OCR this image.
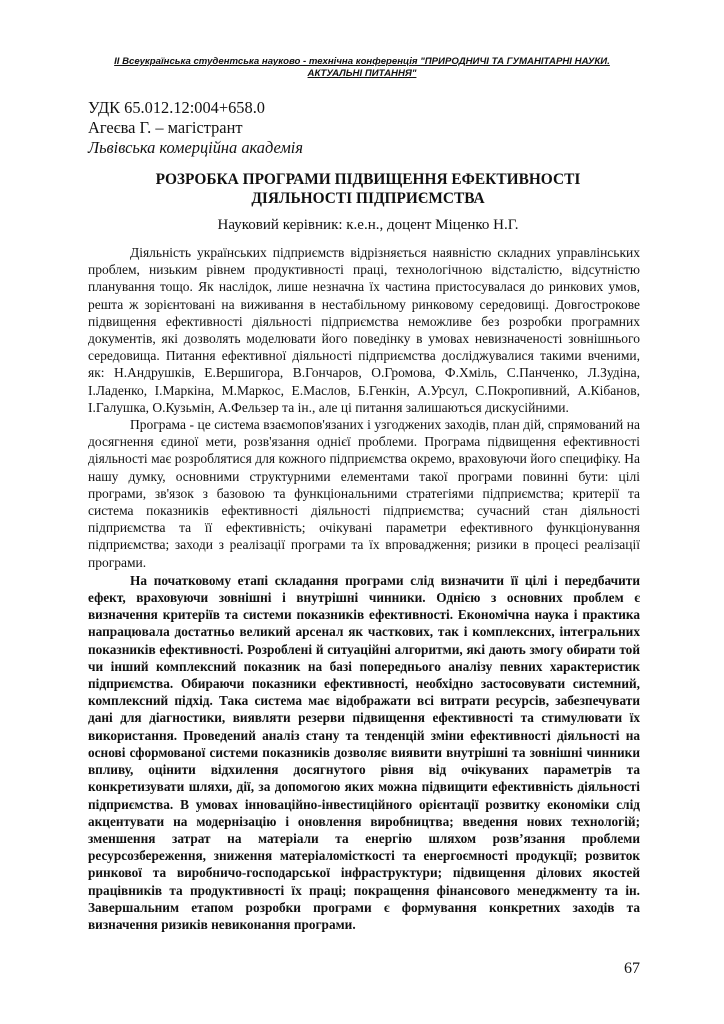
ІІ Всеукраїнська студентська науково - технічна конференція "ПРИРОДНИЧІ ТА ГУМАНІТАРНІ НАУКИ.
АКТУАЛЬНІ ПИТАННЯ"
УДК 65.012.12:004+658.0
Агеєва Г. – магістрант
Львівська комерційна академія
РОЗРОБКА ПРОГРАМИ ПІДВИЩЕННЯ ЕФЕКТИВНОСТІ
ДІЯЛЬНОСТІ ПІДПРИЄМСТВА
Науковий керівник: к.е.н., доцент Міценко Н.Г.

Діяльність українських підприємств відрізняється наявністю складних управлінських проблем, низьким рівнем продуктивності праці, технологічною відсталістю, відсутністю планування тощо. Як наслідок, лише незначна їх частина пристосувалася до ринкових умов, решта ж зорієнтовані на виживання в нестабільному ринковому середовищі. Довгострокове підвищення ефективності діяльності підприємства неможливе без розробки програмних документів, які дозволять моделювати його поведінку в умовах невизначеності зовнішнього середовища. Питання ефективної діяльності підприємства досліджувалися такими вченими, як: Н.Андрушків, Е.Вершигора, В.Гончаров, О.Громова, Ф.Хміль, С.Панченко, Л.Зудіна, І.Ладенко, І.Маркіна, М.Маркос, Е.Маслов, Б.Генкін, А.Урсул, С.Покропивний, А.Кібанов, І.Галушка, О.Кузьмін, А.Фельзер та ін., але ці питання залишаються дискусійними.

Програма - це система взаємопов'язаних і узгоджених заходів, план дій, спрямований на досягнення єдиної мети, розв'язання однієї проблеми. Програма підвищення ефективності діяльності має розроблятися для кожного підприємства окремо, враховуючи його специфіку. На нашу думку, основними структурними елементами такої програми повинні бути: цілі програми, зв'язок з базовою та функціональними стратегіями підприємства; критерії та система показників ефективності діяльності підприємства; сучасний стан діяльності підприємства та її ефективність; очікувані параметри ефективного функціонування підприємства; заходи з реалізації програми та їх впровадження; ризики в процесі реалізації програми.

На початковому етапі складання програми слід визначити її цілі і передбачити ефект, враховуючи зовнішні і внутрішні чинники. Однією з основних проблем є визначення критеріїв та системи показників ефективності. Економічна наука і практика напрацювала достатньо великий арсенал як часткових, так і комплексних, інтегральних показників ефективності. Розроблені й ситуаційні алгоритми, які дають змогу обирати той чи інший комплексний показник на базі попереднього аналізу певних характеристик підприємства. Обираючи показники ефективності, необхідно застосовувати системний, комплексний підхід. Така система має відображати всі витрати ресурсів, забезпечувати дані для діагностики, виявляти резерви підвищення ефективності та стимулювати їх використання. Проведений аналіз стану та тенденцій зміни ефективності діяльності на основі сформованої системи показників дозволяє виявити внутрішні та зовнішні чинники впливу, оцінити відхилення досягнутого рівня від очікуваних параметрів та конкретизувати шляхи, дії, за допомогою яких можна підвищити ефективність діяльності підприємства. В умовах інноваційно-інвестиційного орієнтації розвитку економіки слід акцентувати на модернізацію і оновлення виробництва; введення нових технологій; зменшення затрат на матеріали та енергію шляхом розв’язання проблеми ресурсозбереження, зниження матеріаломісткості та енергоємності продукції; розвиток ринкової та виробничо-господарської інфраструктури; підвищення ділових якостей працівників та продуктивності їх праці; покращення фінансового менеджменту та ін. Завершальним етапом розробки програми є формування конкретних заходів та визначення ризиків невиконання програми.

67
